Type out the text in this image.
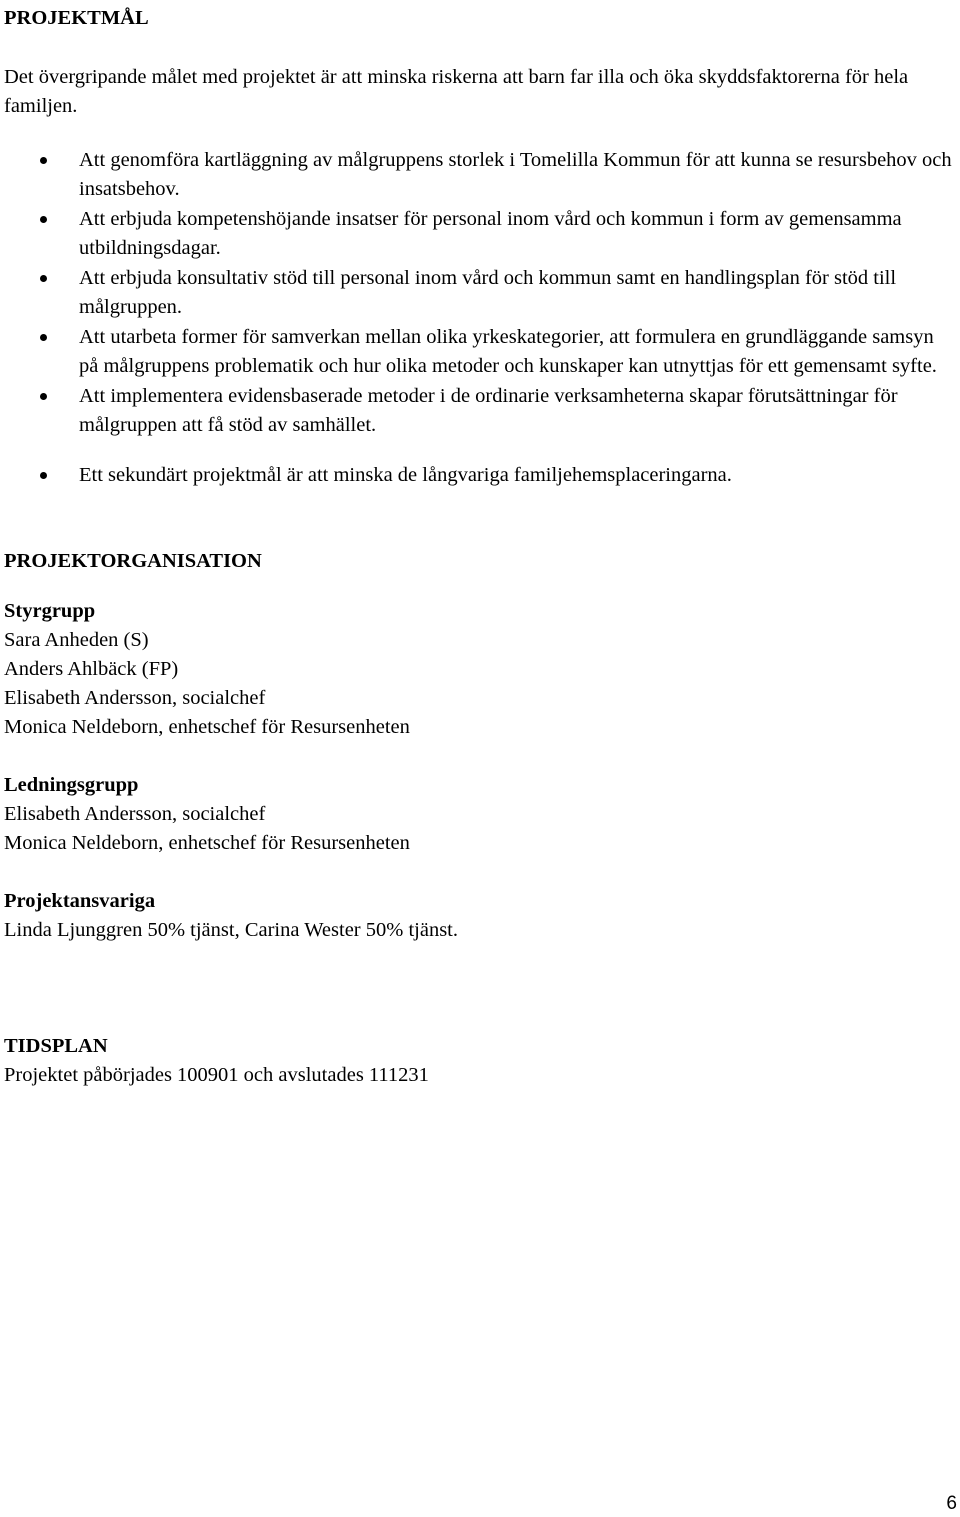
PROJEKTMÅL

Det övergripande målet med projektet är att minska riskerna att barn far illa och öka skyddsfaktorerna för hela familjen.

Att genomföra kartläggning av målgruppens storlek i Tomelilla Kommun för att kunna se resursbehov och insatsbehov.
Att erbjuda kompetenshöjande insatser för personal inom vård och kommun i form av gemensamma utbildningsdagar.
Att erbjuda konsultativ stöd till personal inom vård och kommun samt en handlingsplan för stöd till målgruppen.
Att utarbeta former för samverkan mellan olika yrkeskategorier, att formulera en grundläggande samsyn på målgruppens problematik och hur olika metoder och kunskaper kan utnyttjas för ett gemensamt syfte.
Att implementera evidensbaserade metoder i de ordinarie verksamheterna skapar förutsättningar för målgruppen att få stöd av samhället.
Ett sekundärt projektmål är att minska de långvariga familjehemsplaceringarna.
PROJEKTORGANISATION
Styrgrupp
Sara Anheden (S)
Anders Ahlbäck (FP)
Elisabeth Andersson, socialchef
Monica Neldeborn, enhetschef för Resursenheten
Ledningsgrupp
Elisabeth Andersson, socialchef
Monica Neldeborn, enhetschef för Resursenheten
Projektansvariga
Linda Ljunggren 50% tjänst, Carina Wester 50% tjänst.
TIDSPLAN
Projektet påbörjades 100901 och avslutades 111231
6
